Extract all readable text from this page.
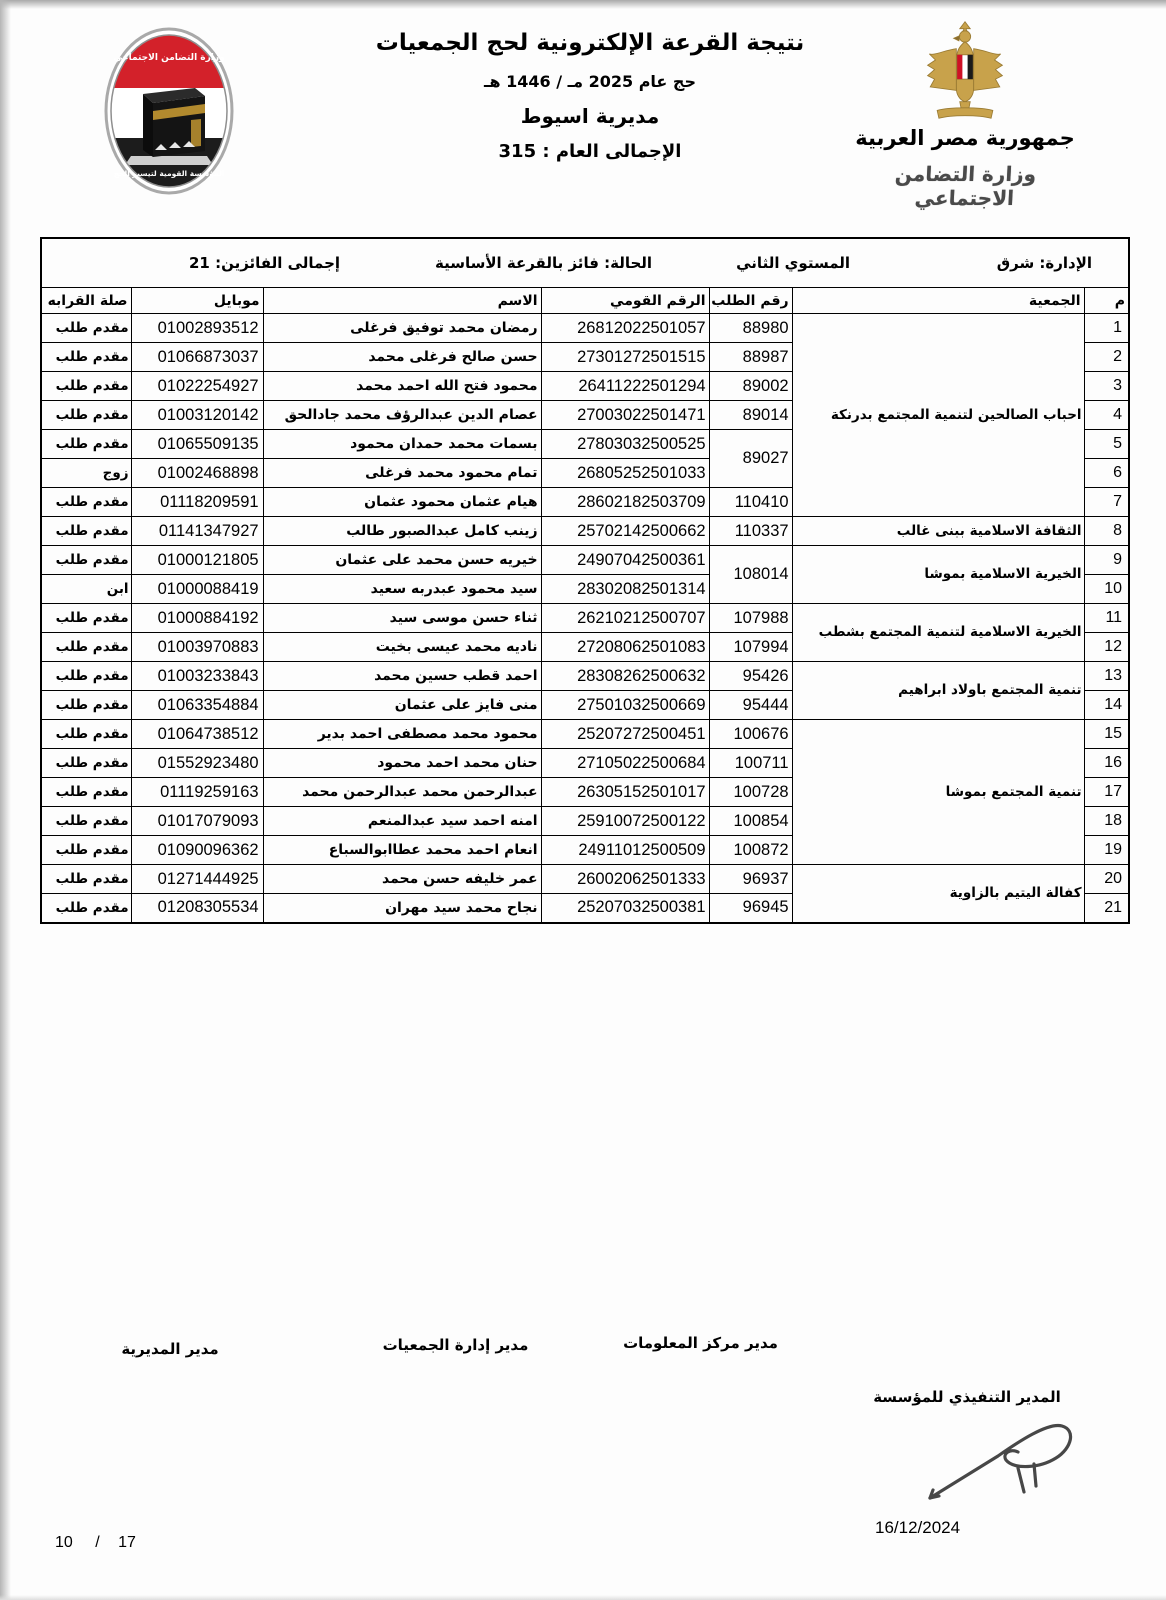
وزارة التضامن الاجتماعي
المؤسسة القومية لتيسير الحج
نتيجة القرعة الإلكترونية لحج الجمعيات
حج عام 2025 مـ / 1446 هـ
مديرية اسيوط
الإجمالى العام : 315
جمهورية مصر العربية
وزارة التضامن الاجتماعي
الإدارة: شرق
المستوي الثاني
الحالة: فائز بالقرعة الأساسية
إجمالى الفائزين: 21						

م	الجمعية	رقم الطلب	الرقم القومي	الاسم	موبايل	صلة القرابه
1	احباب الصالحين لتنمية المجتمع بدرنكة	88980	26812022501057	رمضان محمد توفيق فرغلى	01002893512	مقدم طلب
2		88987	27301272501515	حسن صالح فرغلى محمد	01066873037	مقدم طلب
3		89002	26411222501294	محمود فتح الله احمد محمد	01022254927	مقدم طلب
4		89014	27003022501471	عصام الدين عبدالرؤف محمد جادالحق	01003120142	مقدم طلب
5		89027	27803032500525	بسمات محمد حمدان محمود	01065509135	مقدم طلب
6			26805252501033	تمام محمود محمد فرغلى	01002468898	زوج
7		110410	28602182503709	هيام عثمان محمود عثمان	01118209591	مقدم طلب
8	الثقافة الاسلامية ببنى غالب	110337	25702142500662	زينب كامل عبدالصبور طالب	01141347927	مقدم طلب
9	الخيرية الاسلامية بموشا	108014	24907042500361	خيريه حسن محمد على عثمان	01000121805	مقدم طلب
10			28302082501314	سيد محمود عبدربه سعيد	01000088419	ابن
11	الخيرية الاسلامية لتنمية المجتمع بشطب	107988	26210212500707	ثناء حسن موسى سيد	01000884192	مقدم طلب
12		107994	27208062501083	ناديه محمد عيسى بخيت	01003970883	مقدم طلب
13	تنمية المجتمع باولاد ابراهيم	95426	28308262500632	احمد قطب حسين محمد	01003233843	مقدم طلب
14		95444	27501032500669	منى فايز على عثمان	01063354884	مقدم طلب
15	تنمية المجتمع بموشا	100676	25207272500451	محمود محمد مصطفى احمد بدير	01064738512	مقدم طلب
16		100711	27105022500684	حنان محمد احمد محمود	01552923480	مقدم طلب
17		100728	26305152501017	عبدالرحمن محمد عبدالرحمن محمد	01119259163	مقدم طلب
18		100854	25910072500122	امنه احمد سيد عبدالمنعم	01017079093	مقدم طلب
19		100872	24911012500509	انعام احمد محمد عطاابوالسباع	01090096362	مقدم طلب
20	كفالة اليتيم بالزاوية	96937	26002062501333	عمر خليفه حسن محمد	01271444925	مقدم طلب
21		96945	25207032500381	نجاح محمد سيد مهران	01208305534	مقدم طلب
مدير مركز المعلومات
مدير إدارة الجمعيات
مدير المديرية
المدير التنفيذي للمؤسسة
16/12/2024
10 / 17
